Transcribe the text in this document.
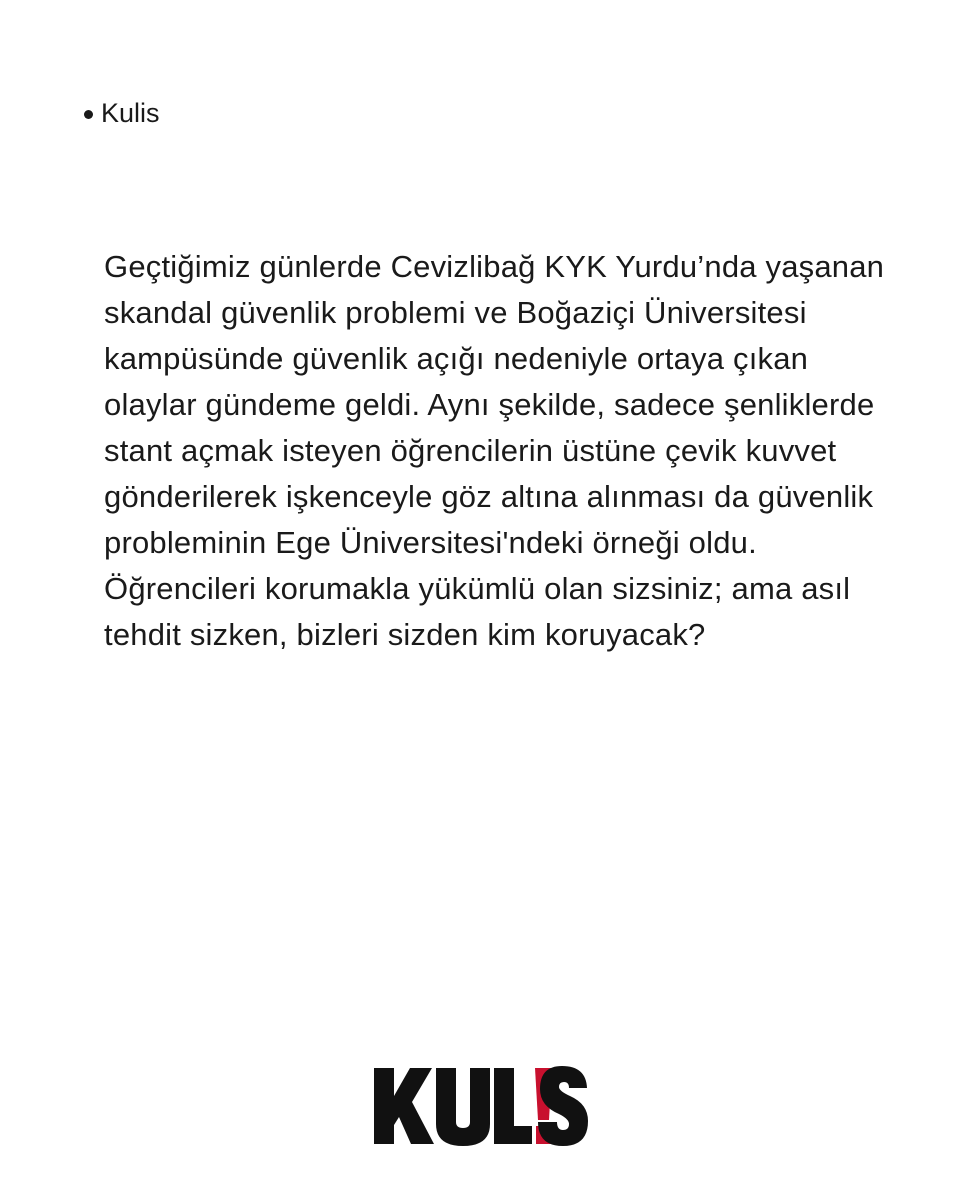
Kulis

Geçtiğimiz günlerde Cevizlibağ KYK Yurdu’nda yaşanan skandal güvenlik problemi ve Boğaziçi Üniversitesi kampüsünde güvenlik açığı nedeniyle ortaya çıkan olaylar gündeme geldi. Aynı şekilde, sadece şenliklerde stant açmak isteyen öğrencilerin üstüne çevik kuvvet gönderilerek işkenceyle göz altına alınması da güvenlik probleminin Ege Üniversitesi'ndeki örneği oldu. Öğrencileri korumakla yükümlü olan sizsiniz; ama asıl tehdit sizken, bizleri sizden kim koruyacak?
